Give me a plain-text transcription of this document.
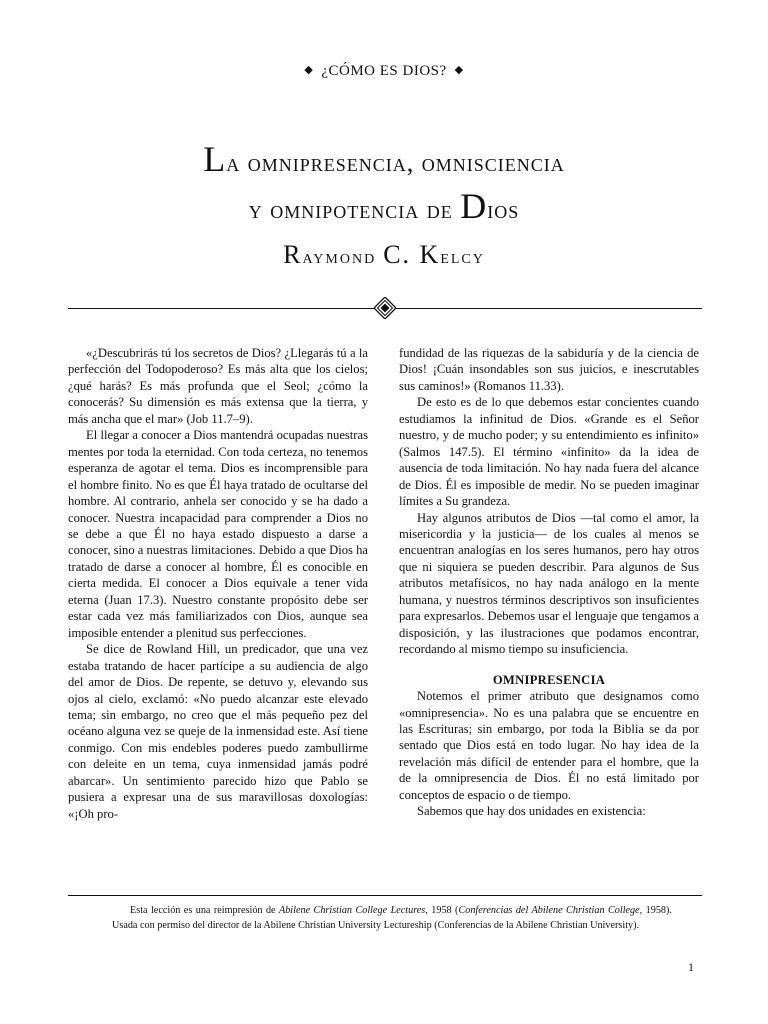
◆ ¿CÓMO ES DIOS? ◆
La omnipresencia, omnisciencia
y omnipotencia de Dios
Raymond C. Kelcy

«¿Descubrirás tú los secretos de Dios? ¿Llegarás tú a la perfección del Todopoderoso? Es más alta que los cielos; ¿qué harás? Es más profunda que el Seol; ¿cómo la conocerás? Su dimensión es más extensa que la tierra, y más ancha que el mar» (Job 11.7–9).

El llegar a conocer a Dios mantendrá ocupadas nuestras mentes por toda la eternidad. Con toda certeza, no tenemos esperanza de agotar el tema. Dios es incomprensible para el hombre finito. No es que Él haya tratado de ocultarse del hombre. Al contrario, anhela ser conocido y se ha dado a conocer. Nuestra incapacidad para comprender a Dios no se debe a que Él no haya estado dispuesto a darse a conocer, sino a nuestras limitaciones. Debido a que Dios ha tratado de darse a conocer al hombre, Él es conocible en cierta medida. El conocer a Dios equivale a tener vida eterna (Juan 17.3). Nuestro constante propósito debe ser estar cada vez más familiarizados con Dios, aunque sea imposible entender a plenitud sus perfecciones.

Se dice de Rowland Hill, un predicador, que una vez estaba tratando de hacer partícipe a su audiencia de algo del amor de Dios. De repente, se detuvo y, elevando sus ojos al cielo, exclamó: «No puedo alcanzar este elevado tema; sin embargo, no creo que el más pequeño pez del océano alguna vez se queje de la inmensidad este. Así tiene conmigo. Con mis endebles poderes puedo zambullirme con deleite en un tema, cuya inmensidad jamás podré abarcar». Un sentimiento parecido hizo que Pablo se pusiera a expresar una de sus maravillosas doxologías: «¡Oh pro-

fundidad de las riquezas de la sabiduría y de la ciencia de Dios! ¡Cuán insondables son sus juicios, e inescrutables sus caminos!» (Romanos 11.33).

De esto es de lo que debemos estar concientes cuando estudiamos la infinitud de Dios. «Grande es el Señor nuestro, y de mucho poder; y su entendimiento es infinito» (Salmos 147.5). El término «infinito» da la idea de ausencia de toda limitación. No hay nada fuera del alcance de Dios. Él es imposible de medir. No se pueden imaginar límites a Su grandeza.

Hay algunos atributos de Dios —tal como el amor, la misericordia y la justicia— de los cuales al menos se encuentran analogías en los seres humanos, pero hay otros que ni siquiera se pueden describir. Para algunos de Sus atributos metafísicos, no hay nada análogo en la mente humana, y nuestros términos descriptivos son insuficientes para expresarlos. Debemos usar el lenguaje que tengamos a disposición, y las ilustraciones que podamos encontrar, recordando al mismo tiempo su insuficiencia.

OMNIPRESENCIA

Notemos el primer atributo que designamos como «omnipresencia». No es una palabra que se encuentre en las Escrituras; sin embargo, por toda la Biblia se da por sentado que Dios está en todo lugar. No hay idea de la revelación más difícil de entender para el hombre, que la de la omnipresencia de Dios. Él no está limitado por conceptos de espacio o de tiempo.

Sabemos que hay dos unidades en existencia:

Esta lección es una reimpresión de Abilene Christian College Lectures, 1958 (Conferencias del Abilene Christian College, 1958). Usada con permiso del director de la Abilene Christian University Lectureship (Conferencias de la Abilene Christian University).
1
